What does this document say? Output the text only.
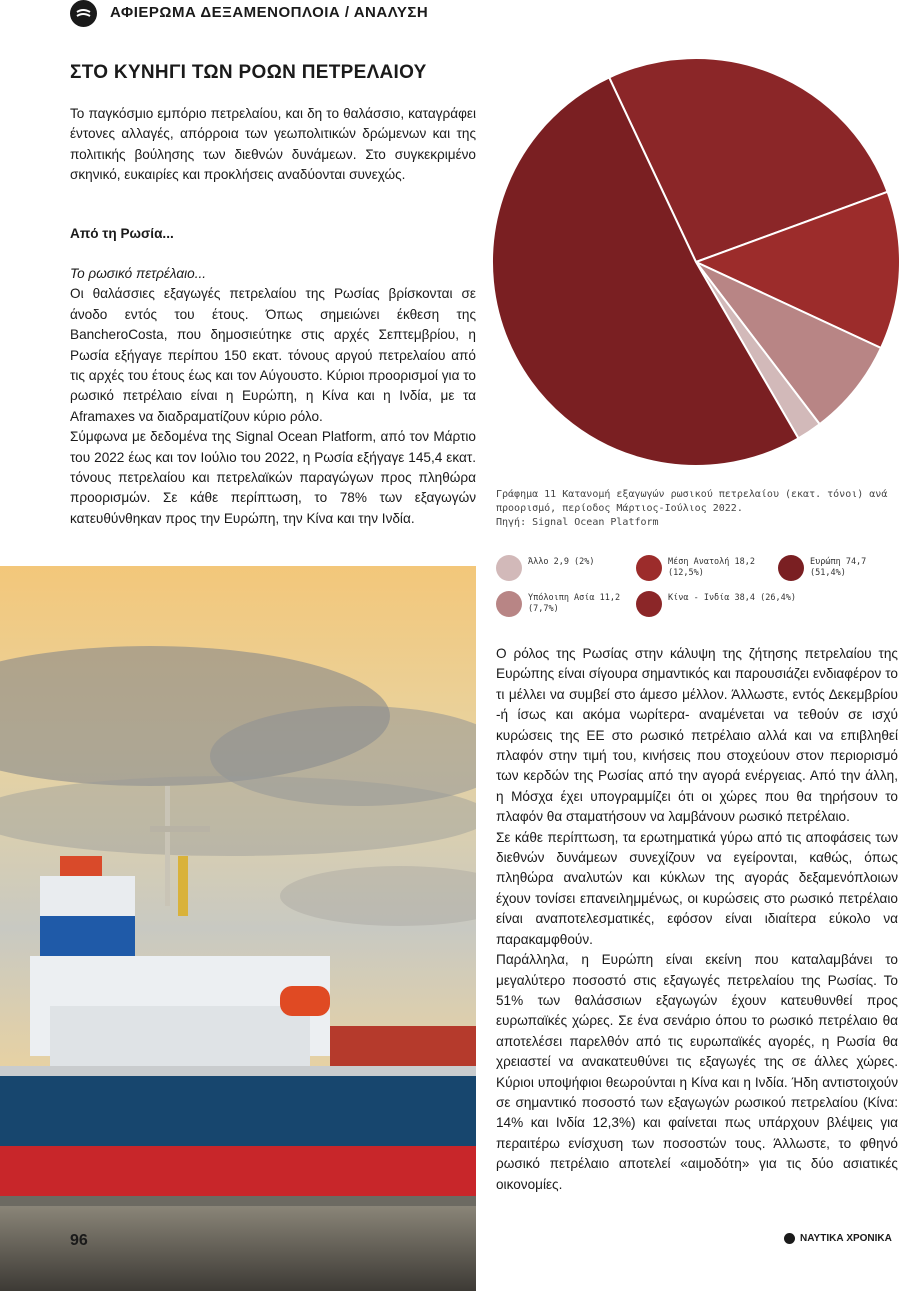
ΑΦΙΕΡΩΜΑ ΔΕΞΑΜΕΝΟΠΛΟΙΑ / ΑΝΑΛΥΣΗ
ΣΤΟ ΚΥΝΗΓΙ ΤΩΝ ΡΟΩΝ ΠΕΤΡΕΛΑΙΟΥ

Το παγκόσμιο εμπόριο πετρελαίου, και δη το θαλάσσιο, καταγράφει έντονες αλλαγές, απόρροια των γεωπολιτικών δρώμενων και της πολιτικής βούλησης των διεθνών δυνάμεων. Στο συγκεκριμένο σκηνικό, ευκαιρίες και προκλήσεις αναδύονται συνεχώς.

Από τη Ρωσία...
Το ρωσικό πετρέλαιο...

Οι θαλάσσιες εξαγωγές πετρελαίου της Ρωσίας βρίσκονται σε άνοδο εντός του έτους. Όπως σημειώνει έκθεση της BancheroCosta, που δημοσιεύτηκε στις αρχές Σεπτεμβρίου, η Ρωσία εξήγαγε περίπου 150 εκατ. τόνους αργού πετρελαίου από τις αρχές του έτους έως και τον Αύγουστο. Κύριοι προορισμοί για το ρωσικό πετρέλαιο είναι η Ευρώπη, η Κίνα και η Ινδία, με τα Aframaxes να διαδραματίζουν κύριο ρόλο.

Σύμφωνα με δεδομένα της Signal Ocean Platform, από τον Μάρτιο του 2022 έως και τον Ιούλιο του 2022, η Ρωσία εξήγαγε 145,4 εκατ. τόνους πετρελαίου και πετρελαϊκών παραγώγων προς πληθώρα προορισμών. Σε κάθε περίπτωση, το 78% των εξαγωγών κατευθύνθηκαν προς την Ευρώπη, την Κίνα και την Ινδία.

Γράφημα 11 Κατανομή εξαγωγών ρωσικού πετρελαίου (εκατ. τόνοι) ανά προορισμό, περίοδος Μάρτιος-Ιούλιος 2022.
Πηγή: Signal Ocean Platform
Άλλο 2,9 (2%)	Μέση Ανατολή 18,2 (12,5%)
Ευρώπη 74,7 (51,4%)
Υπόλοιπη Ασία 11,2 (7,7%)
Κίνα - Ινδία 38,4 (26,4%)

Ο ρόλος της Ρωσίας στην κάλυψη της ζήτησης πετρελαίου της Ευρώπης είναι σίγουρα σημαντικός και παρουσιάζει ενδιαφέρον το τι μέλλει να συμβεί στο άμεσο μέλλον. Άλλωστε, εντός Δεκεμβρίου -ή ίσως και ακόμα νωρίτερα- αναμένεται να τεθούν σε ισχύ κυρώσεις της ΕΕ στο ρωσικό πετρέλαιο αλλά και να επιβληθεί πλαφόν στην τιμή του, κινήσεις που στοχεύουν στον περιορισμό των κερδών της Ρωσίας από την αγορά ενέργειας. Από την άλλη, η Μόσχα έχει υπογραμμίζει ότι οι χώρες που θα τηρήσουν το πλαφόν θα σταματήσουν να λαμβάνουν ρωσικό πετρέλαιο.

Σε κάθε περίπτωση, τα ερωτηματικά γύρω από τις αποφάσεις των διεθνών δυνάμεων συνεχίζουν να εγείρονται, καθώς, όπως πληθώρα αναλυτών και κύκλων της αγοράς δεξαμενόπλοιων έχουν τονίσει επανειλημμένως, οι κυρώσεις στο ρωσικό πετρέλαιο είναι αναποτελεσματικές, εφόσον είναι ιδιαίτερα εύκολο να παρακαμφθούν.

Παράλληλα, η Ευρώπη είναι εκείνη που καταλαμβάνει το μεγαλύτερο ποσοστό στις εξαγωγές πετρελαίου της Ρωσίας. Το 51% των θαλάσσιων εξαγωγών έχουν κατευθυνθεί προς ευρωπαϊκές χώρες. Σε ένα σενάριο όπου το ρωσικό πετρέλαιο θα αποτελέσει παρελθόν από τις ευρωπαϊκές αγορές, η Ρωσία θα χρειαστεί να ανακατευθύνει τις εξαγωγές της σε άλλες χώρες. Κύριοι υποψήφιοι θεωρούνται η Κίνα και η Ινδία. Ήδη αντιστοιχούν σε σημαντικό ποσοστό των εξαγωγών ρωσικού πετρελαίου (Κίνα: 14% και Ινδία 12,3%) και φαίνεται πως υπάρχουν βλέψεις για περαιτέρω ενίσχυση των ποσοστών τους. Άλλωστε, το φθηνό ρωσικό πετρέλαιο αποτελεί «αιμοδότη» για τις δύο ασιατικές οικονομίες.

96	ΝΑΥΤΙΚΑ ΧΡΟΝΙΚΑ
